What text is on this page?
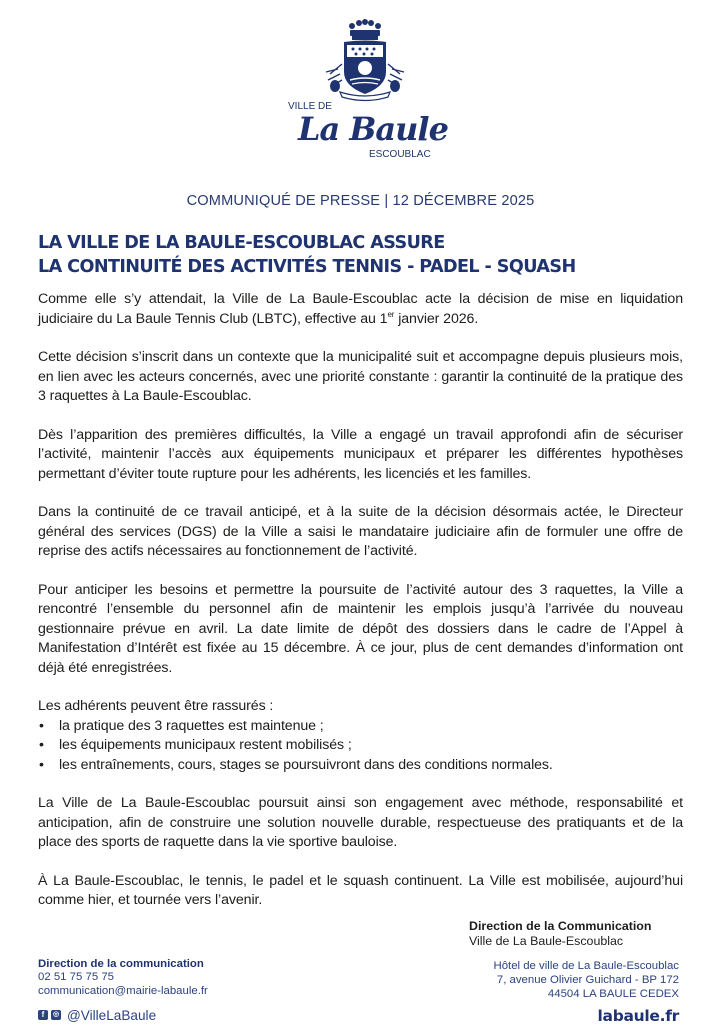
VILLE DE
La Baule
ESCOUBLAC
COMMUNIQUÉ DE PRESSE | 12 DÉCEMBRE 2025
LA VILLE DE LA BAULE-ESCOUBLAC ASSURE
LA CONTINUITÉ DES ACTIVITÉS TENNIS - PADEL - SQUASH

Comme elle s’y attendait, la Ville de La Baule-Escoublac acte la décision de mise en liquidation judiciaire du La Baule Tennis Club (LBTC), effective au 1er janvier 2026.

Cette décision s’inscrit dans un contexte que la municipalité suit et accompagne depuis plusieurs mois, en lien avec les acteurs concernés, avec une priorité constante : garantir la continuité de la pratique des 3 raquettes à La Baule-Escoublac.

Dès l’apparition des premières difficultés, la Ville a engagé un travail approfondi afin de sécuriser l’activité, maintenir l’accès aux équipements municipaux et préparer les différentes hypothèses permettant d’éviter toute rupture pour les adhérents, les licenciés et les familles.

Dans la continuité de ce travail anticipé, et à la suite de la décision désormais actée, le Directeur général des services (DGS) de la Ville a saisi le mandataire judiciaire afin de formuler une offre de reprise des actifs nécessaires au fonctionnement de l’activité.

Pour anticiper les besoins et permettre la poursuite de l’activité autour des 3 raquettes, la Ville a rencontré l’ensemble du personnel afin de maintenir les emplois jusqu’à l’arrivée du nouveau gestionnaire prévue en avril. La date limite de dépôt des dossiers dans le cadre de l’Appel à Manifestation d’Intérêt est fixée au 15 décembre. À ce jour, plus de cent demandes d’information ont déjà été enregistrées.

Les adhérents peuvent être rassurés :

• la pratique des 3 raquettes est maintenue ;
• les équipements municipaux restent mobilisés ;
• les entraînements, cours, stages se poursuivront dans des conditions normales.

La Ville de La Baule-Escoublac poursuit ainsi son engagement avec méthode, responsabilité et anticipation, afin de construire une solution nouvelle durable, respectueuse des pratiquants et de la place des sports de raquette dans la vie sportive bauloise.

À La Baule-Escoublac, le tennis, le padel et le squash continuent. La Ville est mobilisée, aujourd’hui comme hier, et tournée vers l’avenir.

Direction de la Communication
Ville de La Baule-Escoublac
Hôtel de ville de La Baule-Escoublac
7, avenue Olivier Guichard - BP 172
44504 LA BAULE CEDEX
Direction de la communication
02 51 75 75 75
communication@mairie-labaule.fr
f ◎ @VilleLaBaule	labaule.fr
